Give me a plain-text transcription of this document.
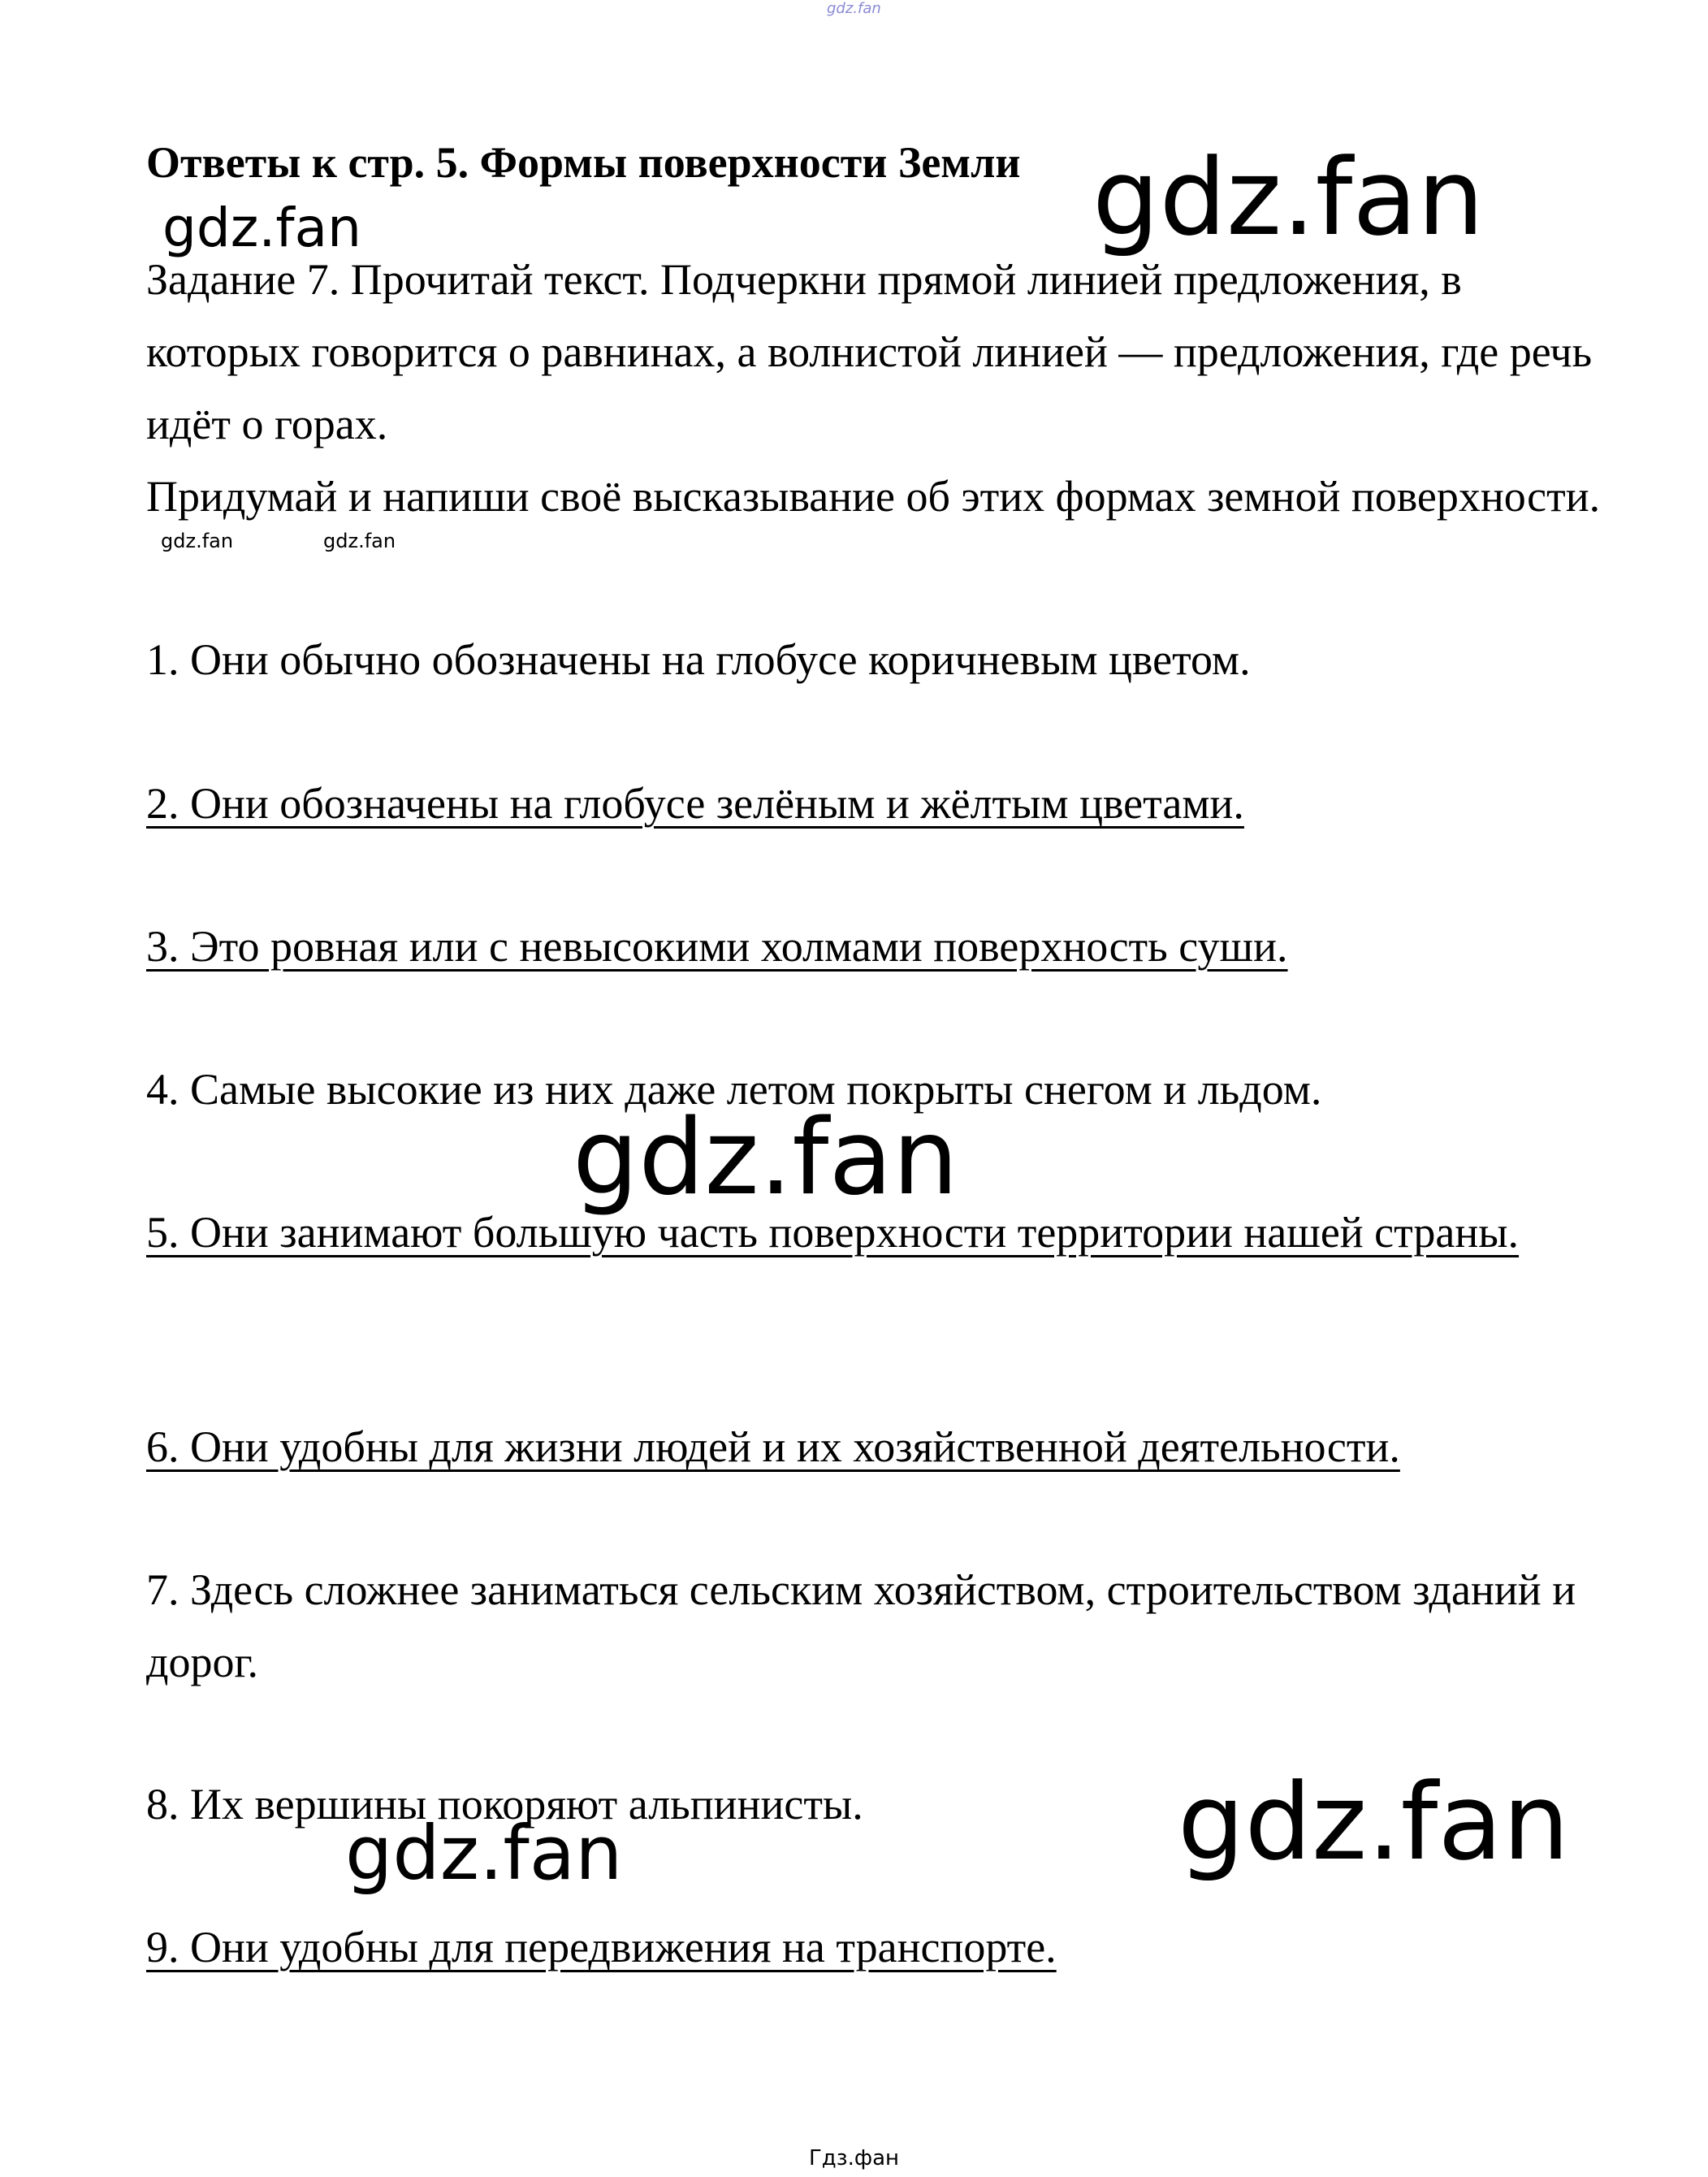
gdz.fan
Ответы к стр. 5. Формы поверхности Земли gdz.fan
gdz.fan

Задание 7. Прочитай текст. Подчеркни прямой линией предложения, в которых говорится о равнинах, а волнистой линией — предложения, где речь идёт о горах.

Придумай и напиши своё высказывание об этих формах земной поверхности.

gdz.fan	gdz.fan
1. Они обычно обозначены на глобусе коричневым цветом.
2. Они обозначены на глобусе зелёным и жёлтым цветами.
3. Это ровная или с невысокими холмами поверхность суши.
4. Самые высокие из них даже летом покрыты снегом и льдом.
gdz.fan
5. Они занимают большую часть поверхности территории нашей страны.
6. Они удобны для жизни людей и их хозяйственной деятельности.
7. Здесь сложнее заниматься сельским хозяйством, строительством зданий и дорог.
8. Их вершины покоряют альпинисты.	gdz.fan
gdz.fan
9. Они удобны для передвижения на транспорте.
Гдз.фан
